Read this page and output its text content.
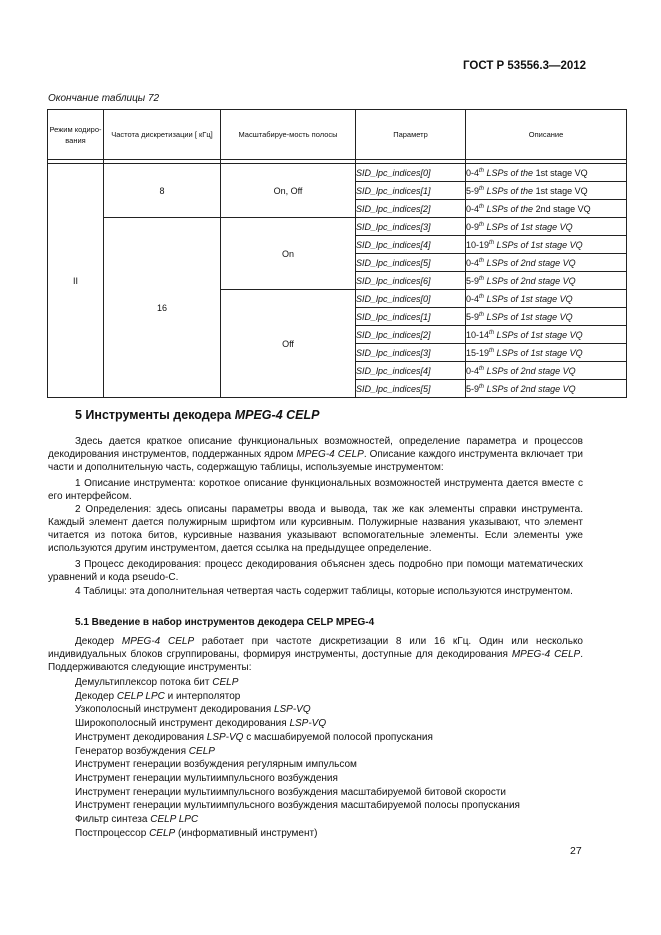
ГОСТ Р 53556.3—2012
Окончание таблицы 72
Режим кодиро-вания	Частота дискретизации [ кГц]	Масштабируе-мость полосы	Параметр	Описание

II	8	On, Off	SID_lpc_indices[0]	0-4th LSPs of the 1st stage VQ
			SID_lpc_indices[1]	5-9th LSPs of the 1st stage VQ
			SID_lpc_indices[2]	0-4th LSPs of the 2nd stage VQ
	16	On	SID_lpc_indices[3]	0-9th LSPs of 1st stage VQ
			SID_lpc_indices[4]	10-19th LSPs of 1st stage VQ
			SID_lpc_indices[5]	0-4th LSPs of 2nd stage VQ
			SID_lpc_indices[6]	5-9th LSPs of 2nd stage VQ
		Off	SID_lpc_indices[0]	0-4th LSPs of 1st stage VQ
			SID_lpc_indices[1]	5-9th LSPs of 1st stage VQ
			SID_lpc_indices[2]	10-14th LSPs of 1st stage VQ
			SID_lpc_indices[3]	15-19th LSPs of 1st stage VQ
			SID_lpc_indices[4]	0-4th LSPs of 2nd stage VQ
			SID_lpc_indices[5]	5-9th LSPs of 2nd stage VQ
5 Инструменты декодера MPEG-4 CELP
Здесь дается краткое описание функциональных возможностей, определение параметра и процессов декодирования инструментов, поддержанных ядром MPEG-4 CELP. Описание каждого инструмента включает три части и дополнительную часть, содержащую таблицы, используемые инструментом:
1 Описание инструмента: короткое описание функциональных возможностей инструмента дается вместе с его интерфейсом.
2 Определения: здесь описаны параметры ввода и вывода, так же как элементы справки инструмента. Каждый элемент дается полужирным шрифтом или курсивным. Полужирные названия указывают, что элемент читается из потока битов, курсивные названия указывают вспомогательные элементы. Если элементы уже используются другим инструментом, дается ссылка на предыдущее определение.
3 Процесс декодирования: процесс декодирования объяснен здесь подробно при помощи математических уравнений и кода pseudo-C.
4 Таблицы: эта дополнительная четвертая часть содержит таблицы, которые используются инструментом.
5.1 Введение в набор инструментов декодера CELP MPEG-4
Декодер MPEG-4 CELP работает при частоте дискретизации 8 или 16 кГц. Один или несколько индивидуальных блоков сгруппированы, формируя инструменты, доступные для декодирования MPEG-4 CELP. Поддерживаются следующие инструменты:
Демультиплексор потока бит CELP
Декодер CELP LPC и интерполятор
Узкополосный инструмент декодирования LSP-VQ
Широкополосный инструмент декодирования LSP-VQ
Инструмент декодирования LSP-VQ с масшабируемой полосой пропускания
Генератор возбуждения CELP
Инструмент генерации возбуждения регулярным импульсом
Инструмент генерации мультиимпульсного возбуждения
Инструмент генерации мультиимпульсного возбуждения масштабируемой битовой скорости
Инструмент генерации мультиимпульсного возбуждения масштабируемой полосы пропускания
Фильтр синтеза CELP LPC
Постпроцессор CELP (информативный инструмент)
27
